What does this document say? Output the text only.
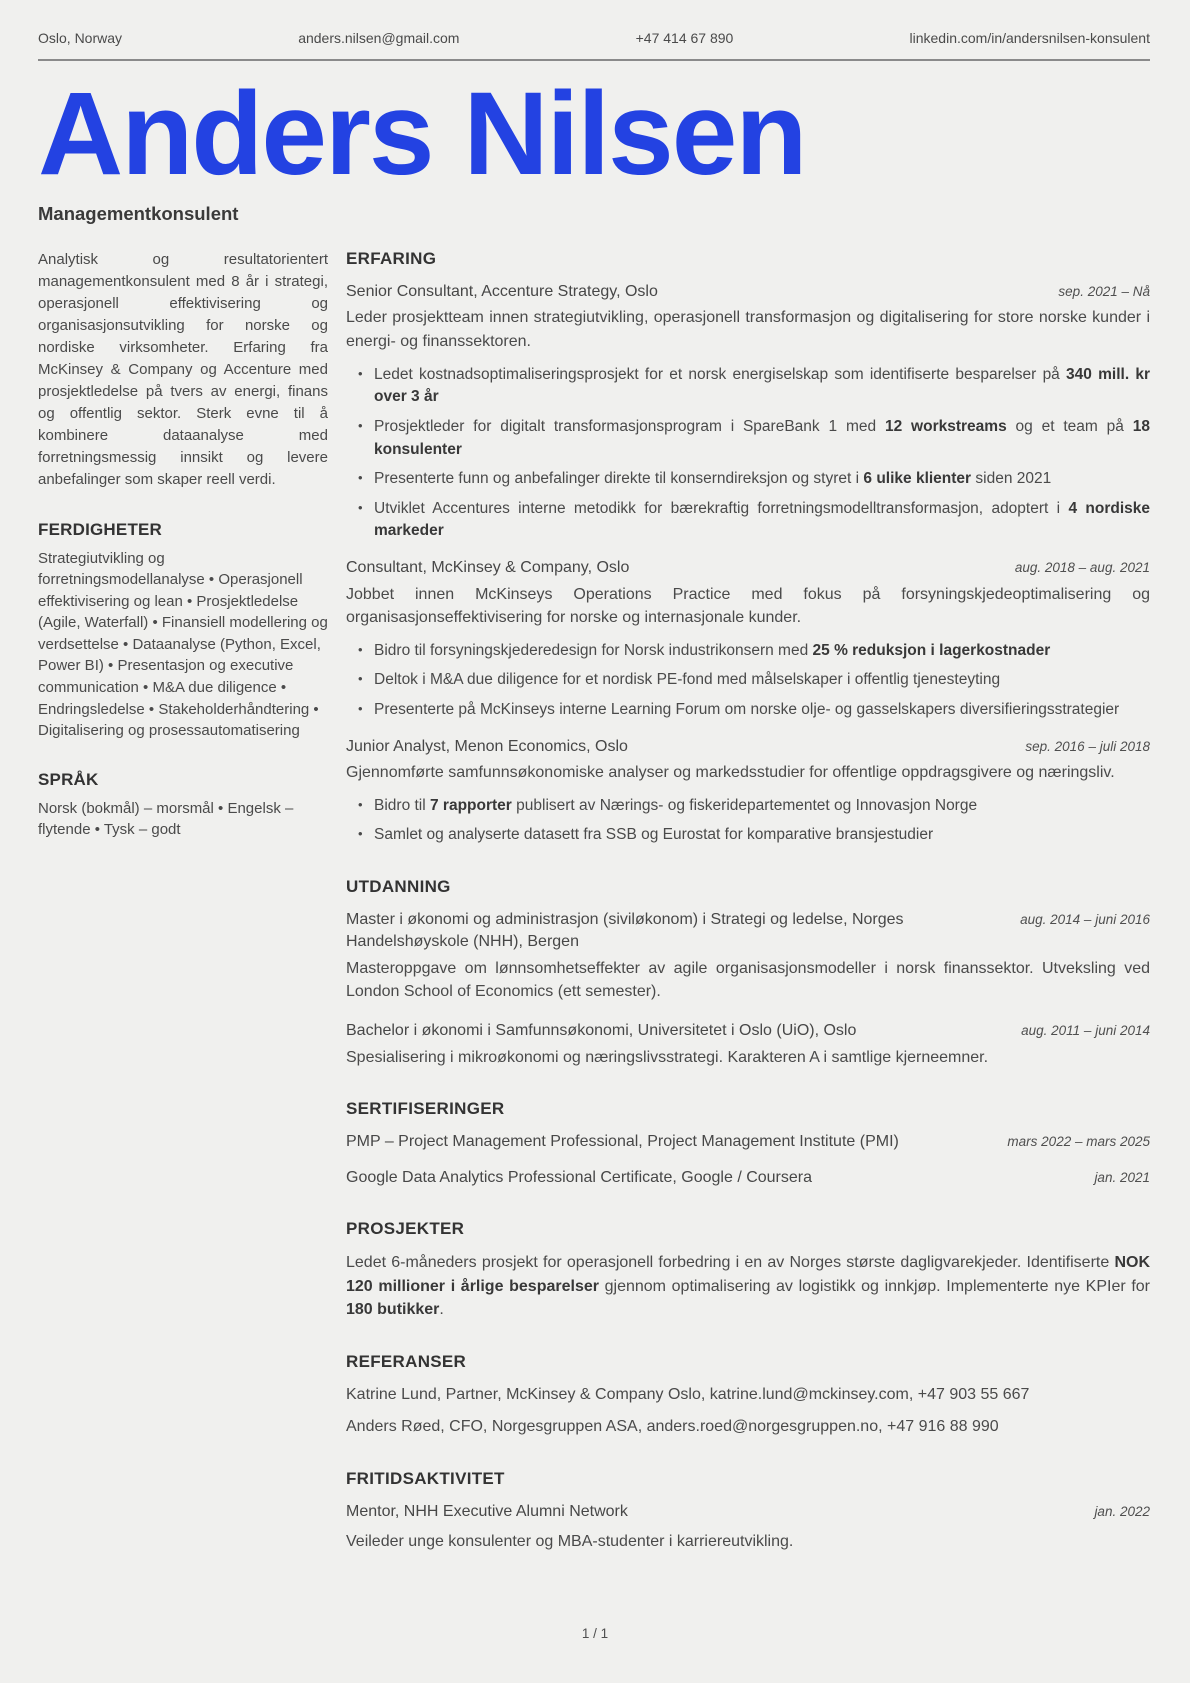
Oslo, Norway	anders.nilsen@gmail.com	+47 414 67 890	linkedin.com/in/andersnilsen-konsulent
Anders Nilsen
Managementkonsulent

Analytisk og resultatorientert managementkonsulent med 8 år i strategi, operasjonell effektivisering og organisasjonsutvikling for norske og nordiske virksomheter. Erfaring fra McKinsey & Company og Accenture med prosjektledelse på tvers av energi, finans og offentlig sektor. Sterk evne til å kombinere dataanalyse med forretningsmessig innsikt og levere anbefalinger som skaper reell verdi.

FERDIGHETER

Strategiutvikling og forretningsmodellanalyse • Operasjonell effektivisering og lean • Prosjektledelse (Agile, Waterfall) • Finansiell modellering og verdsettelse • Dataanalyse (Python, Excel, Power BI) • Presentasjon og executive communication • M&A due diligence • Endringsledelse • Stakeholderhåndtering • Digitalisering og prosessautomatisering

SPRÅK

Norsk (bokmål) – morsmål • Engelsk – flytende • Tysk – godt

ERFARING
Senior Consultant, Accenture Strategy, Oslo	sep. 2021 – Nå

Leder prosjektteam innen strategiutvikling, operasjonell transformasjon og digitalisering for store norske kunder i energi- og finanssektoren.

• Ledet kostnadsoptimaliseringsprosjekt for et norsk energiselskap som identifiserte besparelser på 340 mill. kr over 3 år
• Prosjektleder for digitalt transformasjonsprogram i SpareBank 1 med 12 workstreams og et team på 18 konsulenter
• Presenterte funn og anbefalinger direkte til konserndireksjon og styret i 6 ulike klienter siden 2021
• Utviklet Accentures interne metodikk for bærekraftig forretningsmodelltransformasjon, adoptert i 4 nordiske markeder
Consultant, McKinsey & Company, Oslo	aug. 2018 – aug. 2021

Jobbet innen McKinseys Operations Practice med fokus på forsyningskjedeoptimalisering og organisasjonseffektivisering for norske og internasjonale kunder.

• Bidro til forsyningskjederedesign for Norsk industrikonsern med 25 % reduksjon i lagerkostnader
• Deltok i M&A due diligence for et nordisk PE-fond med målselskaper i offentlig tjenesteyting
• Presenterte på McKinseys interne Learning Forum om norske olje- og gasselskapers diversifieringsstrategier
Junior Analyst, Menon Economics, Oslo	sep. 2016 – juli 2018

Gjennomførte samfunnsøkonomiske analyser og markedsstudier for offentlige oppdragsgivere og næringsliv.

• Bidro til 7 rapporter publisert av Nærings- og fiskeridepartementet og Innovasjon Norge
• Samlet og analyserte datasett fra SSB og Eurostat for komparative bransjestudier
UTDANNING
Master i økonomi og administrasjon (siviløkonom) i Strategi og ledelse, Norges Handelshøyskole (NHH), Bergen
aug. 2014 – juni 2016

Masteroppgave om lønnsomhetseffekter av agile organisasjonsmodeller i norsk finanssektor. Utveksling ved London School of Economics (ett semester).

Bachelor i økonomi i Samfunnsøkonomi, Universitetet i Oslo (UiO), Oslo	aug. 2011 – juni 2014

Spesialisering i mikroøkonomi og næringslivsstrategi. Karakteren A i samtlige kjerneemner.

SERTIFISERINGER
PMP – Project Management Professional, Project Management Institute (PMI)	mars 2022 – mars 2025
Google Data Analytics Professional Certificate, Google / Coursera	jan. 2021
PROSJEKTER

Ledet 6-måneders prosjekt for operasjonell forbedring i en av Norges største dagligvarekjeder. Identifiserte NOK 120 millioner i årlige besparelser gjennom optimalisering av logistikk og innkjøp. Implementerte nye KPIer for 180 butikker.

REFERANSER

Katrine Lund, Partner, McKinsey & Company Oslo, katrine.lund@mckinsey.com, +47 903 55 667

Anders Røed, CFO, Norgesgruppen ASA, anders.roed@norgesgruppen.no, +47 916 88 990

FRITIDSAKTIVITET
Mentor, NHH Executive Alumni Network	jan. 2022

Veileder unge konsulenter og MBA-studenter i karriereutvikling.

1 / 1
